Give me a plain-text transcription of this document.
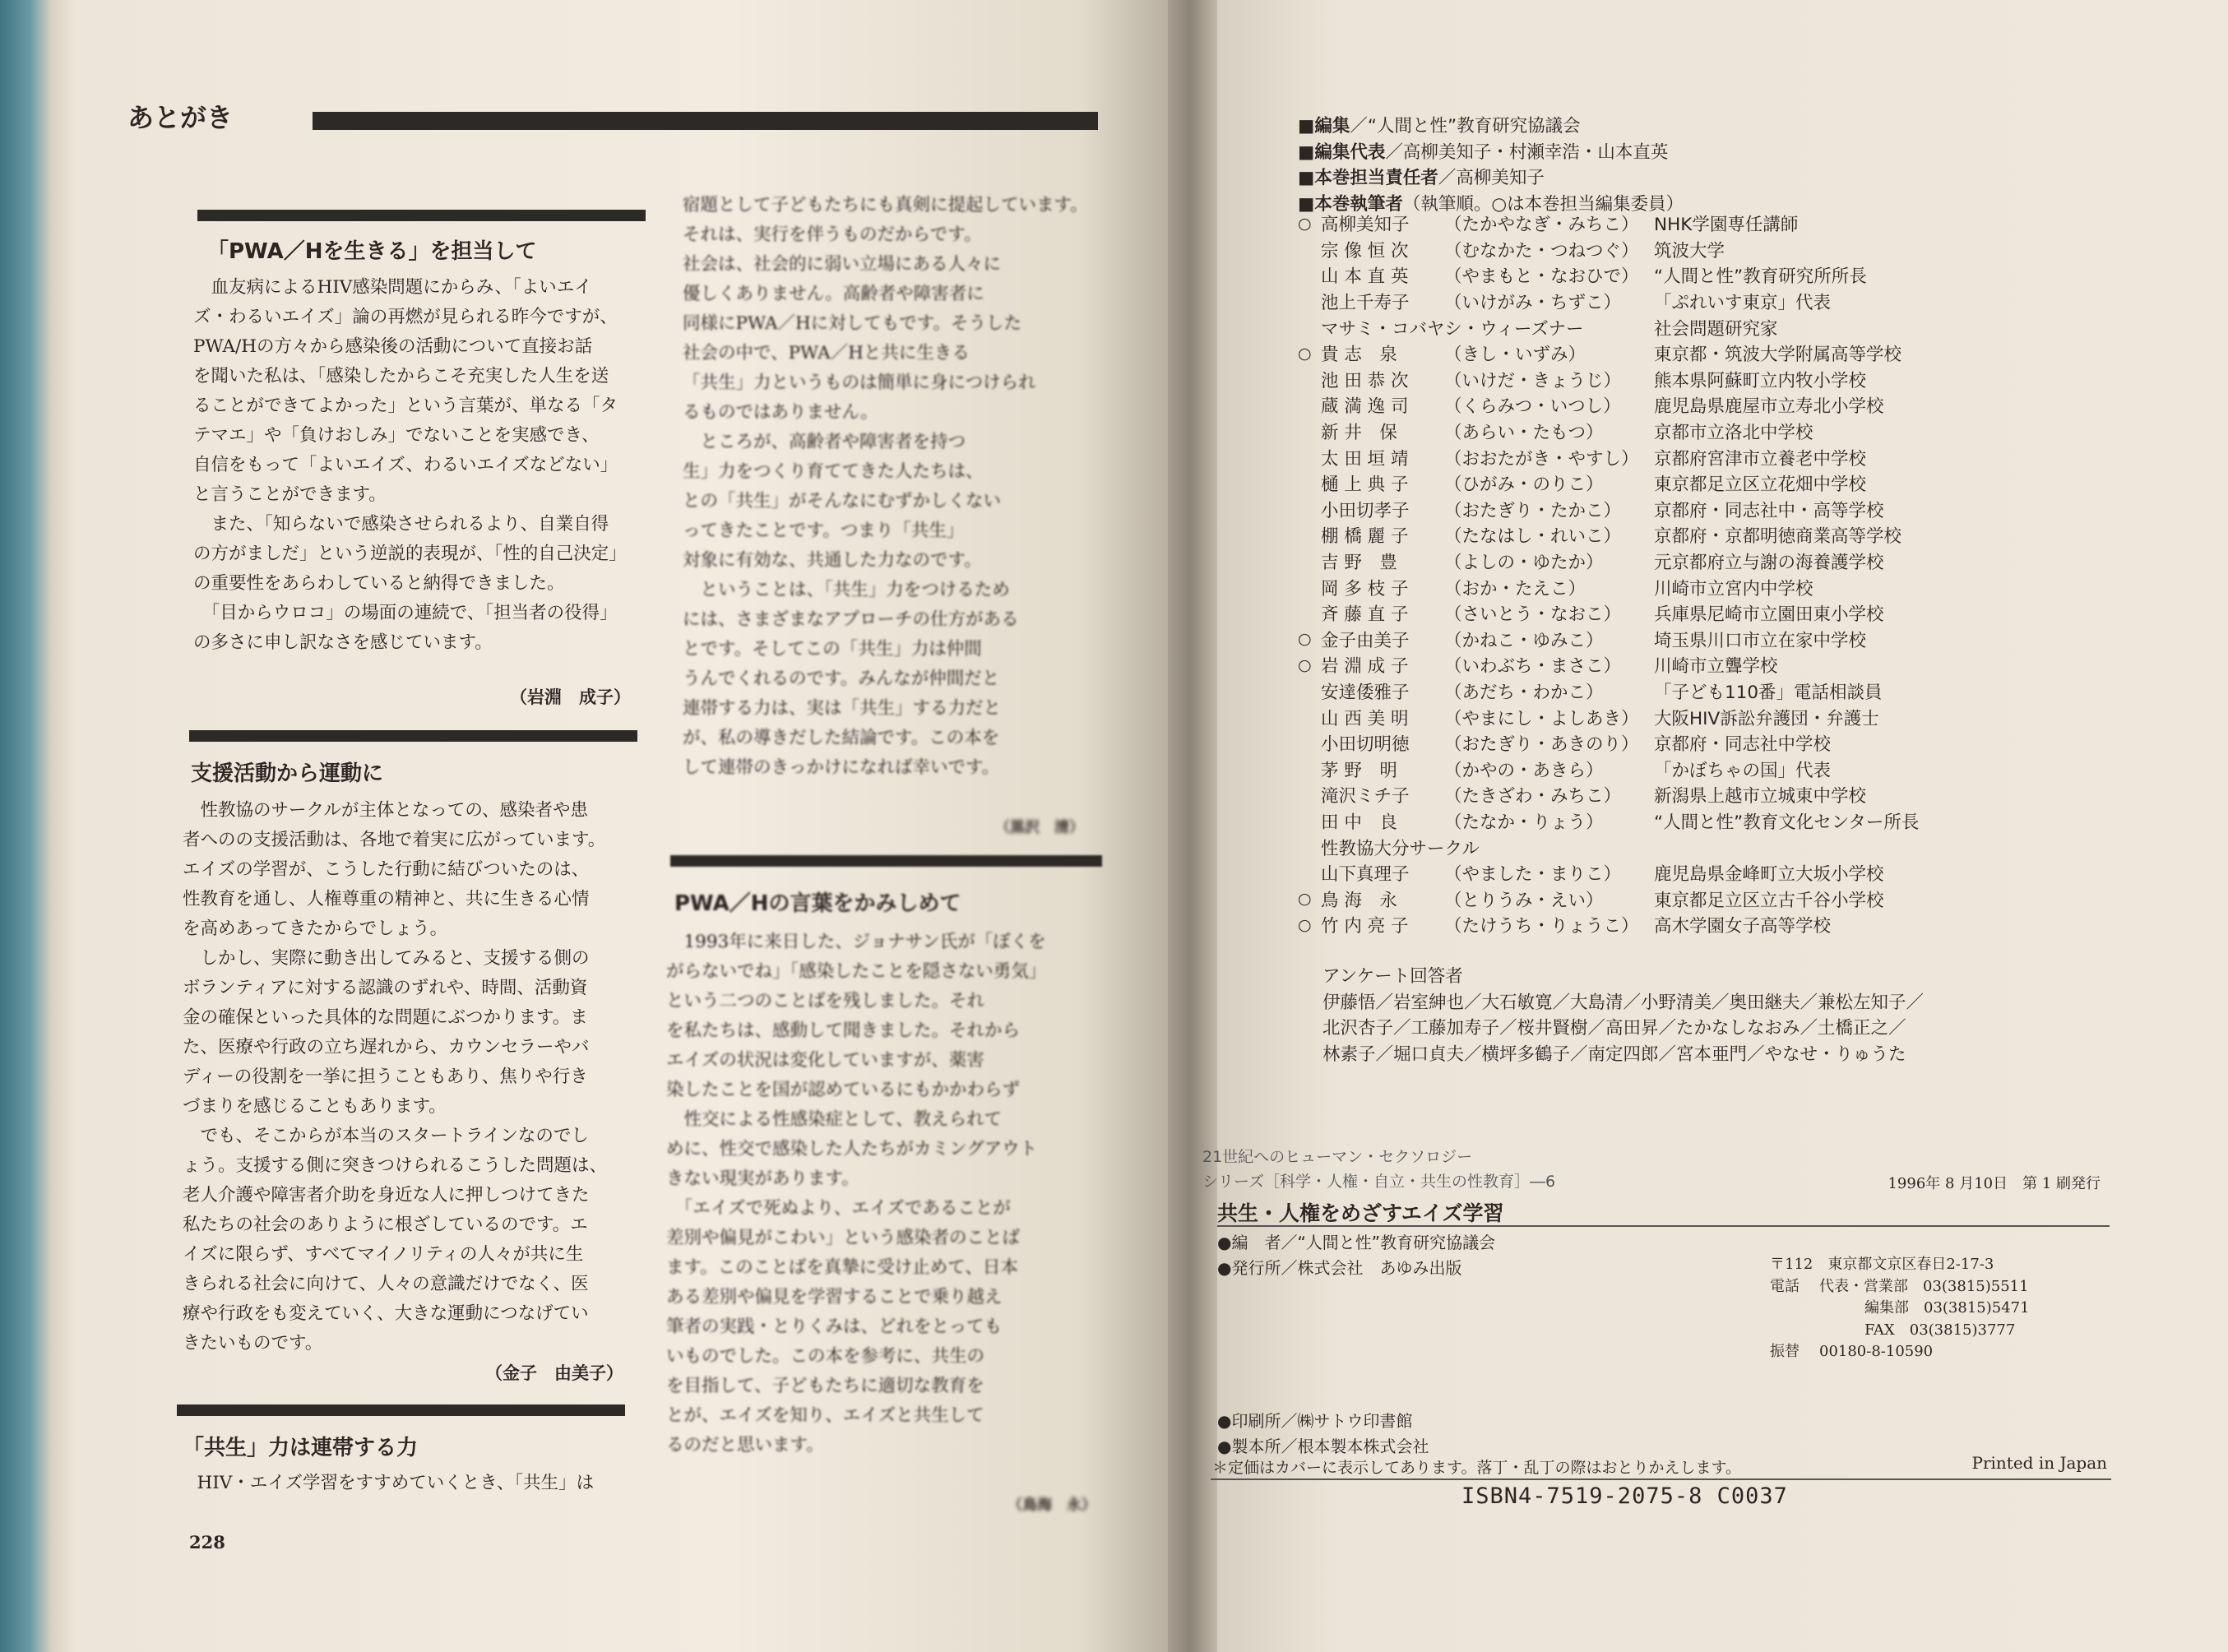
あとがき
「PWA／Hを生きる」を担当して
　血友病によるHIV感染問題にからみ、「よいエイ
ズ・わるいエイズ」論の再燃が見られる昨今ですが、
PWA/Hの方々から感染後の活動について直接お話
を聞いた私は、「感染したからこそ充実した人生を送
ることができてよかった」という言葉が、単なる「タ
テマエ」や「負けおしみ」でないことを実感でき、
自信をもって「よいエイズ、わるいエイズなどない」
と言うことができます。
　また、「知らないで感染させられるより、自業自得
の方がましだ」という逆説的表現が、「性的自己決定」
の重要性をあらわしていると納得できました。
　「目からウロコ」の場面の連続で、「担当者の役得」
の多さに申し訳なさを感じています。
（岩淵　成子）
支援活動から運動に
　性教協のサークルが主体となっての、感染者や患
者へのの支援活動は、各地で着実に広がっています。
エイズの学習が、こうした行動に結びついたのは、
性教育を通し、人権尊重の精神と、共に生きる心情
を高めあってきたからでしょう。
　しかし、実際に動き出してみると、支援する側の
ボランティアに対する認識のずれや、時間、活動資
金の確保といった具体的な問題にぶつかります。ま
た、医療や行政の立ち遅れから、カウンセラーやバ
ディーの役割を一挙に担うこともあり、焦りや行き
づまりを感じることもあります。
　でも、そこからが本当のスタートラインなのでし
ょう。支援する側に突きつけられるこうした問題は、
老人介護や障害者介助を身近な人に押しつけてきた
私たちの社会のありように根ざしているのです。エ
イズに限らず、すべてマイノリティの人々が共に生
きられる社会に向けて、人々の意識だけでなく、医
療や行政をも変えていく、大きな運動につなげてい
きたいものです。
（金子　由美子）
「共生」力は連帯する力
　HIV・エイズ学習をすすめていくとき、「共生」は
宿題として子どもたちにも真剣に提起しています。
それは、実行を伴うものだからです。
社会は、社会的に弱い立場にある人々に
優しくありません。高齢者や障害者に
同様にPWA／Hに対してもです。そうした
社会の中で、PWA／Hと共に生きる
「共生」力というものは簡単に身につけられ
るものではありません。
　ところが、高齢者や障害者を持つ
生」力をつくり育ててきた人たちは、
との「共生」がそんなにむずかしくない
ってきたことです。つまり「共生」
対象に有効な、共通した力なのです。
　ということは、「共生」力をつけるため
には、さまざまなアプローチの仕方がある
とです。そしてこの「共生」力は仲間
うんでくれるのです。みんなが仲間だと
連帯する力は、実は「共生」する力だと
が、私の導きだした結論です。この本を
して連帯のきっかけになれば幸いです。
（黒沢　清）
PWA／Hの言葉をかみしめて
　1993年に来日した、ジョナサン氏が「ぼくを
がらないでね」「感染したことを隠さない勇気」
という二つのことばを残しました。それ
を私たちは、感動して聞きました。それから
エイズの状況は変化していますが、薬害
染したことを国が認めているにもかかわらず
　性交による性感染症として、教えられて
めに、性交で感染した人たちがカミングアウト
きない現実があります。
　「エイズで死ぬより、エイズであることが
差別や偏見がこわい」という感染者のことば
ます。このことばを真摯に受け止めて、日本
ある差別や偏見を学習することで乗り越え
筆者の実践・とりくみは、どれをとっても
いものでした。この本を参考に、共生の
を目指して、子どもたちに適切な教育を
とが、エイズを知り、エイズと共生して
るのだと思います。
（鳥海　永）
228
■編集／“人間と性”教育研究協議会
■編集代表／高柳美知子・村瀬幸浩・山本直英
■本巻担当責任者／高柳美知子
■本巻執筆者（執筆順。○は本巻担当編集委員）
○	高柳美知子	（たかやなぎ・みちこ）	NHK学園専任講師
	宗 像 恒 次	（むなかた・つねつぐ）	筑波大学
	山 本 直 英	（やまもと・なおひで）	“人間と性”教育研究所所長
	池上千寿子	（いけがみ・ちずこ）	「ぷれいす東京」代表
	マサミ・コバヤシ・ウィーズナー		社会問題研究家
○	貴 志　泉	（きし・いずみ）	東京都・筑波大学附属高等学校
	池 田 恭 次	（いけだ・きょうじ）	熊本県阿蘇町立内牧小学校
	蔵 満 逸 司	（くらみつ・いつし）	鹿児島県鹿屋市立寿北小学校
	新 井　保	（あらい・たもつ）	京都市立洛北中学校
	太 田 垣 靖	（おおたがき・やすし）	京都府宮津市立養老中学校
	樋 上 典 子	（ひがみ・のりこ）	東京都足立区立花畑中学校
	小田切孝子	（おたぎり・たかこ）	京都府・同志社中・高等学校
	棚 橋 麗 子	（たなはし・れいこ）	京都府・京都明徳商業高等学校
	吉 野　豊	（よしの・ゆたか）	元京都府立与謝の海養護学校
	岡 多 枝 子	（おか・たえこ）	川崎市立宮内中学校
	斉 藤 直 子	（さいとう・なおこ）	兵庫県尼崎市立園田東小学校
○	金子由美子	（かねこ・ゆみこ）	埼玉県川口市立在家中学校
○	岩 淵 成 子	（いわぶち・まさこ）	川崎市立聾学校
	安達倭雅子	（あだち・わかこ）	「子ども110番」電話相談員
	山 西 美 明	（やまにし・よしあき）	大阪HIV訴訟弁護団・弁護士
	小田切明徳	（おたぎり・あきのり）	京都府・同志社中学校
	茅 野　明	（かやの・あきら）	「かぼちゃの国」代表
	滝沢ミチ子	（たきざわ・みちこ）	新潟県上越市立城東中学校
	田 中　良	（たなか・りょう）	“人間と性”教育文化センター所長
	性教協大分サークル		
	山下真理子	（やました・まりこ）	鹿児島県金峰町立大坂小学校
○	鳥 海　永	（とりうみ・えい）	東京都足立区立古千谷小学校
○	竹 内 亮 子	（たけうち・りょうこ）	高木学園女子高等学校
アンケート回答者
伊藤悟／岩室紳也／大石敏寛／大島清／小野清美／奥田継夫／兼松左知子／
北沢杏子／工藤加寿子／桜井賢樹／高田昇／たかなしなおみ／土橋正之／
林素子／堀口貞夫／横坪多鶴子／南定四郎／宮本亜門／やなせ・りゅうた
21世紀へのヒューマン・セクソロジー
シリーズ［科学・人権・自立・共生の性教育］―6	1996年 8 月10日　第 1 刷発行
共生・人権をめざすエイズ学習
●編　者／“人間と性”教育研究協議会
●発行所／株式会社　あゆみ出版	〒112　東京都文京区春日2-17-3
電話 代表・営業部　03(3815)5511
編集部　03(3815)5471
FAX　03(3815)3777
振替 00180-8-10590
●印刷所／㈱サトウ印書館
●製本所／根本製本株式会社
＊定価はカバーに表示してあります。落丁・乱丁の際はおとりかえします。	Printed in Japan
ISBN4-7519-2075-8 C0037
